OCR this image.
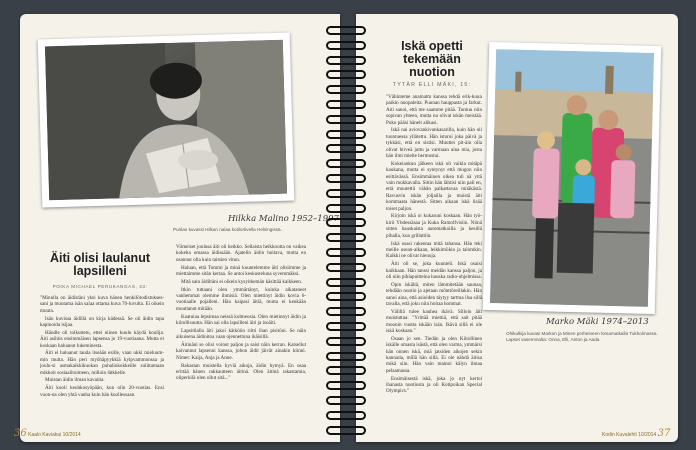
Hilkka Malino 1952–1997
Punlan kuvassi Hilkan nalaa kotilortivella Helsingissä.
Äiti olisi laulanut
lapsilleni
POIKA MICHAEL PERUKANGAS, 43:

"Minulla on äidistäni yksi kuva hänen henkilötodistukses-sani ja muutama isän salaa ottama kuva 70-luvulta. Ei oikein muuta.

Isän kuvissa äidillä on kirja kädessä. Se oli äidin tapa kapinoida isijaa.

Händle oli tolkuttetu, ettei niinen kuulu käydä koulija. Äiti asihtis ensimmäisen lapsensa jo 19-vuotiaana. Mutta ei koskaan haluanut lukeminesta.

Äiti ei haluanut tauda itseään esille, vaan ukki mieluum-min muita. Hän peri myöhäpyykkiä kylpvammonssa ja joulu-si asmakaikkikuokan puhalinkokkeille sulittamaan mikkoit sosiaalitoimeen, milloin lätkkelle.

Muistan äidin ilman kavaitia.

Äiti kuoli keuhkosyöpään, kun olin 20-vuotias. Ensi vuon-na olen yhtä vanha kuin hän kuollessaan.

Viimeiset joulusa äiti oli heikko. Sellaista heikkoutta on vaikea kokeha omassa äidissään. Ajatelin äidin hoitava, mutta en osannut olla kuin taitsien vitun.

Haluan, että Tommi ja minä kuuntelemme äiti olisiimme ja miettaimme sitän kertaa. Se antoi keskusteluna syvemmäksi.

Mitä sain äidiltäni ei oikein kysyitkemän käsittää kaikkeen.

Itkin tuttaani olen ymmärtänyt, kuinka aikataneet vanhemmat olemme ihmisiä. Olen miettinyt äidin kovia 6-vuotiaalle pojalleni. Hän kaipasi äitiä, mutta ei kenkään muuttanut mitään.

Kaatuiaa lepsimaa neissä kolmeosia. Olen mietinnyt äidin ja kiitollisuutta. Hän sai olla lapsilleni äiti ja isoäiti.

Lapsitilalla äiti jakoi kätköön riitti ihan pisitöni. Se näin aikuisena äidinitoa vaan ojennettuna ikäisillä.

Äitinäni se olisi voinut paljon ja saisi näin kerran. Katsellut kaivannut lapsenni kanssa, johon äidit jäivät ainakin kiinni. Nimet: Kaija, Anja ja Anne.

Rakastan muistella hyviä aikoja, äidin hymyä. En osaa erittää hänen rakkautteen äitinä. Olen äitinä rakastamia, oliperkilä olen ollut sitä..."

36 Kaalo Kaviakai 10/2014
Iskä opetti
tekemään
nuotion
TYTÄR ELLI MÄKI, 15:

"Vähinteme anamatm kanssa tehdä erik-kuun paikin nuopaleita. Puunan hauppasta ja farkut. Aiti sanoi, että me saamme pitää. Tuntuu niin sopivan yhteen, mutta nu olivat iskän meistää. Puku pääsi hänelt alikasi.

Iskä nai aviovankivankasarilla, kuin hän oli tuuntuessa yllätettu. Hän isturoi joka päivä ja tykkäsi, että en sistisi. Muuttei pit-äin olla olivat hirveä juttu ja varmaan aina mia, josta hän ilmi mielte hermostui.

Kokeiaokun jälkeen iskä oli vaikla mitäpä kaukana, mutta ei syntynyt että mugon niin esittävässä. Ensimmäinen oikea tuli nä yttä vain mukkavalla. Sittin hän lähtisi niin pali en, että muutettii vähän palkattavaa mitäkästä. Ravusvin iskän joljailla ja muistä äiti kommaata hänestä. Sitten aikaan iskä lisää toiset paljon.

Kirjoin iskä oi kukaruni koskaan. Hän työ-kirii Yhdessäsaa ja Kuka Ramolfvisiin. Niinä sitten hauskaista automatkoilla ja kesillä pihalla, kun grillattiin.

Iskä osasi rakentaa mitä tahansa. Hän teki meille usean-alkaan, leikkimökin ja talomkin. Kaikki ne olivat hienoja.

Äiti oli se, joka kuunteli. Iskä osaisi kaikkaan. Hän tanssi meidän kanssa paljon, ja oli niin pihlapuitteina hauska radio-ohjelmissa.

Opin iskältä, miten lämmitetään saunaa, tehdään nuotio ja ajetaan mönttöreillakin. Hän sanoi aina, että asioiden täytyy tarttua ilsa sillä tavalla, että joku niin hoitaa hommat.

Välillä tulee kauhea ikävä. Silloin äiti muistuttaa: "Yrittää miettiä, että sait pitää moonin vuotta iskään isän. Ikävä sillä ei ole iskä koskaan."

Osaan jo sen. Tiedän ja olen Kiitollinen iskälle omasta isästä, että olen varma, ymmärsi hän onnen iskä, miä jatsiden aikojen sekin kannada, millä hän sillä. Ei ole nähdä äitisa mikä siin. Hän vain mainoi kälyn ilmaa pelaamassa.

Ensimäisestä iskä, joka jo nyt kertoi ihanasta nuotiosta ja oli Kotipoikan Special Olympics."

Marko Mäki 1974–2013
Ohikulkija kuvasi Markon ja Minen perheineen lomamatkalla Tukholmassa. Lapset vasemmalta: Onna, Elli, Anton ja Aada.
Kodin Kuvalehti 10/2014 37
